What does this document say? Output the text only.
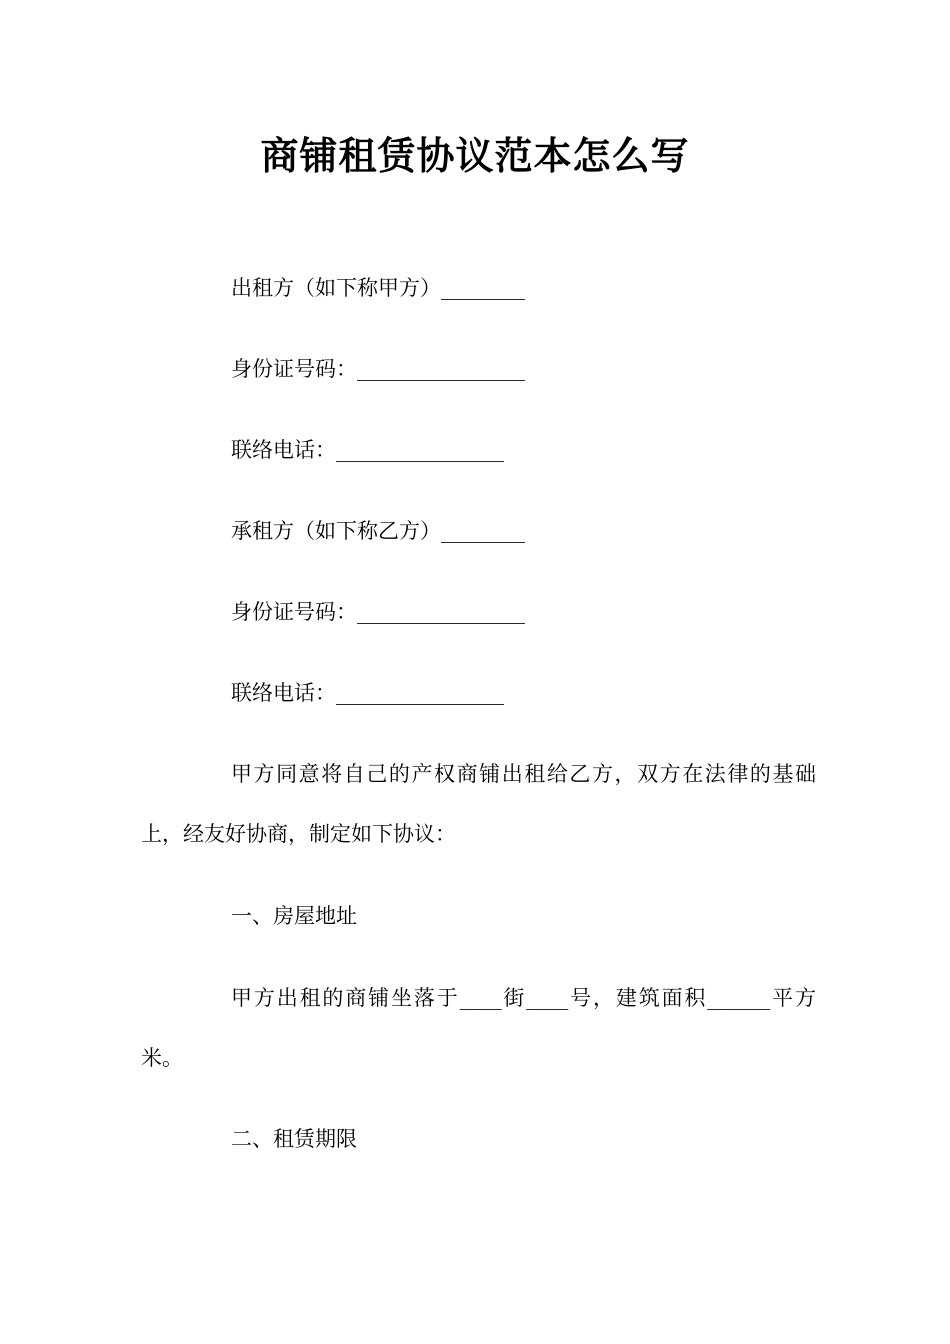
商铺租赁协议范本怎么写
出租方（如下称甲方）________
身份证号码：________________
联络电话：________________
承租方（如下称乙方）________
身份证号码：________________
联络电话：________________
甲方同意将自己的产权商铺出租给乙方，双方在法律的基础上，经友好协商，制定如下协议：
一、房屋地址
甲方出租的商铺坐落于____街____号，建筑面积______平方米。
二、租赁期限
